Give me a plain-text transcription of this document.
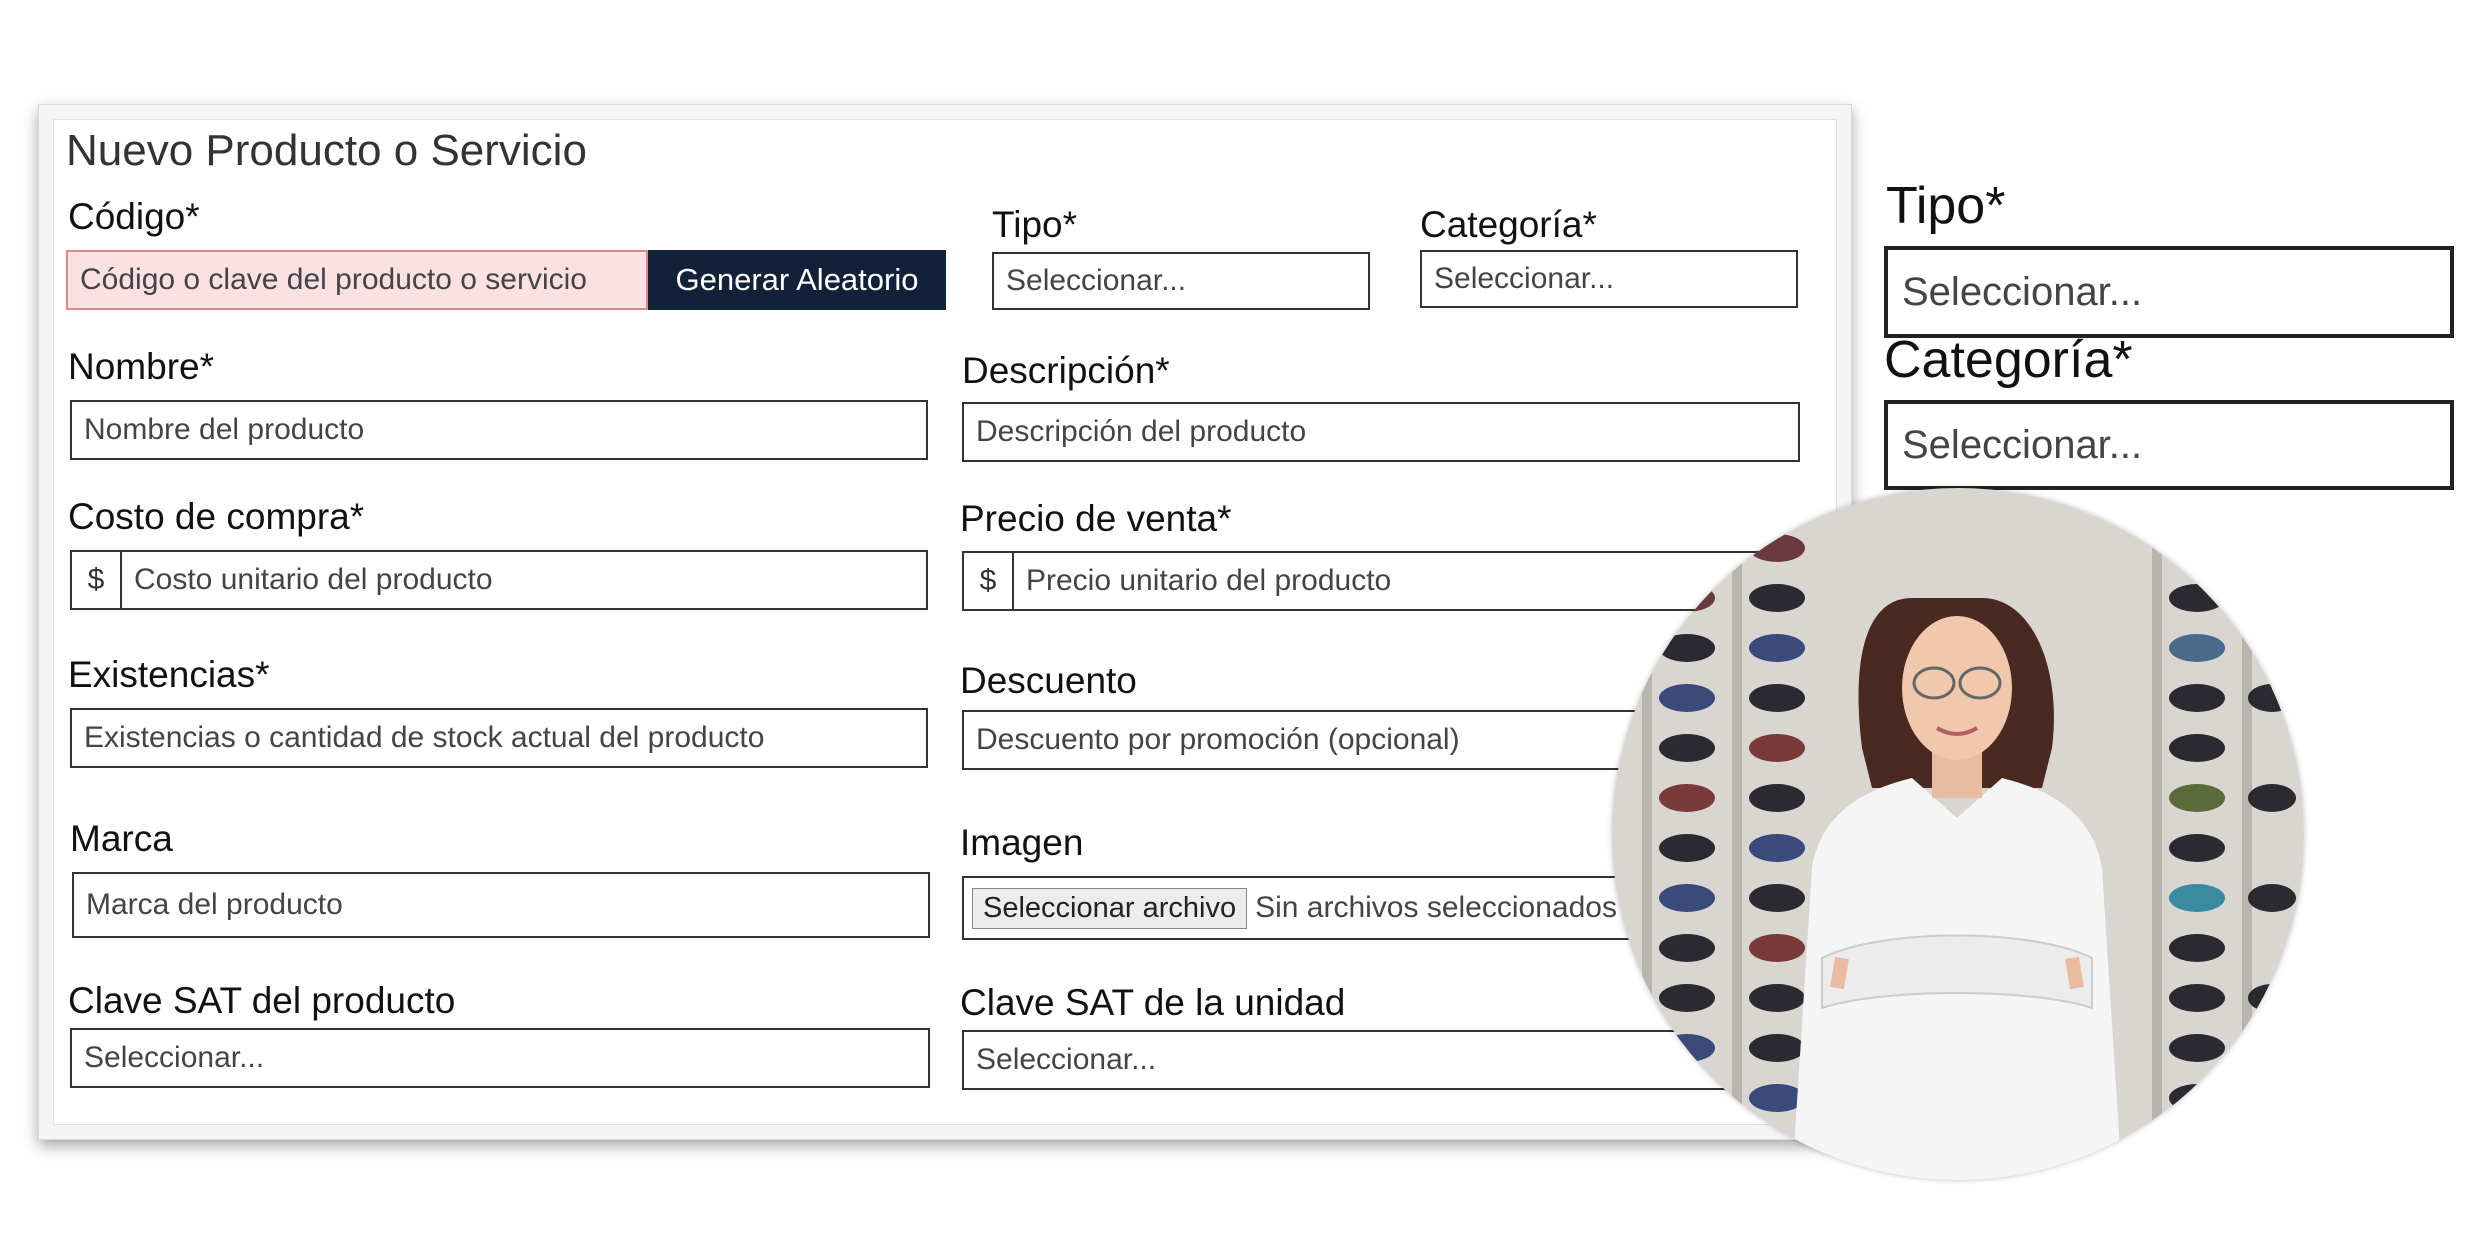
Nuevo Producto o Servicio
Código*
Código o clave del producto o servicio	Generar Aleatorio
Tipo*
Seleccionar...
Categoría*
Seleccionar...
Nombre*
Nombre del producto
Descripción*
Descripción del producto
Costo de compra*
$ Costo unitario del producto
Precio de venta*
$ Precio unitario del producto
Existencias*
Existencias o cantidad de stock actual del producto
Descuento
Descuento por promoción (opcional)
Marca
Marca del producto
Imagen
Seleccionar archivo Sin archivos seleccionados
Clave SAT del producto
Seleccionar...
Clave SAT de la unidad
Seleccionar...
Tipo*
Seleccionar...
Categoría*
Seleccionar...
